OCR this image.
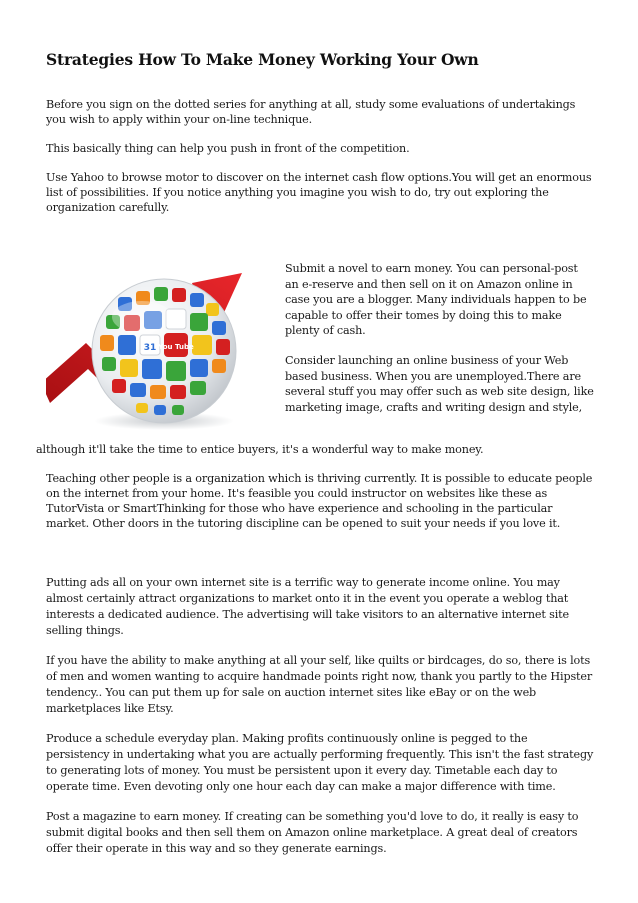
Strategies How To Make Money Working Your Own

Before you sign on the dotted series for anything at all, study some evaluations of undertakings you wish to apply within your on-line technique.

This basically thing can help you push in front of the competition.

Use Yahoo to browse motor to discover on the internet cash flow options.You will get an enormous list of possibilities. If you notice anything you imagine you wish to do, try out exploring the organization carefully.

You Tube
31

Submit a novel to earn money. You can personal-post an e-reserve and then sell on it on Amazon online in case you are a blogger. Many individuals happen to be capable to offer their tomes by doing this to make plenty of cash.

Consider launching an online business of your Web based business. When you are unemployed.There are several stuff you may offer such as web site design, like marketing image, crafts and writing design and style,

although it'll take the time to entice buyers, it's a wonderful way to make money.

Teaching other people is a organization which is thriving currently. It is possible to educate people on the internet from your home. It's feasible you could instructor on websites like these as TutorVista or SmartThinking for those who have experience and schooling in the particular market. Other doors in the tutoring discipline can be opened to suit your needs if you love it.

Putting ads all on your own internet site is a terrific way to generate income online. You may almost certainly attract organizations to market onto it in the event you operate a weblog that interests a dedicated audience. The advertising will take visitors to an alternative internet site selling things.

If you have the ability to make anything at all your self, like quilts or birdcages, do so, there is lots of men and women wanting to acquire handmade points right now, thank you partly to the Hipster tendency.. You can put them up for sale on auction internet sites like eBay or on the web marketplaces like Etsy.

Produce a schedule everyday plan. Making profits continuously online is pegged to the persistency in undertaking what you are actually performing frequently. This isn't the fast strategy to generating lots of money. You must be persistent upon it every day. Timetable each day to operate time. Even devoting only one hour each day can make a major difference with time.

Post a magazine to earn money. If creating can be something you'd love to do, it really is easy to submit digital books and then sell them on Amazon online marketplace. A great deal of creators offer their operate in this way and so they generate earnings.
